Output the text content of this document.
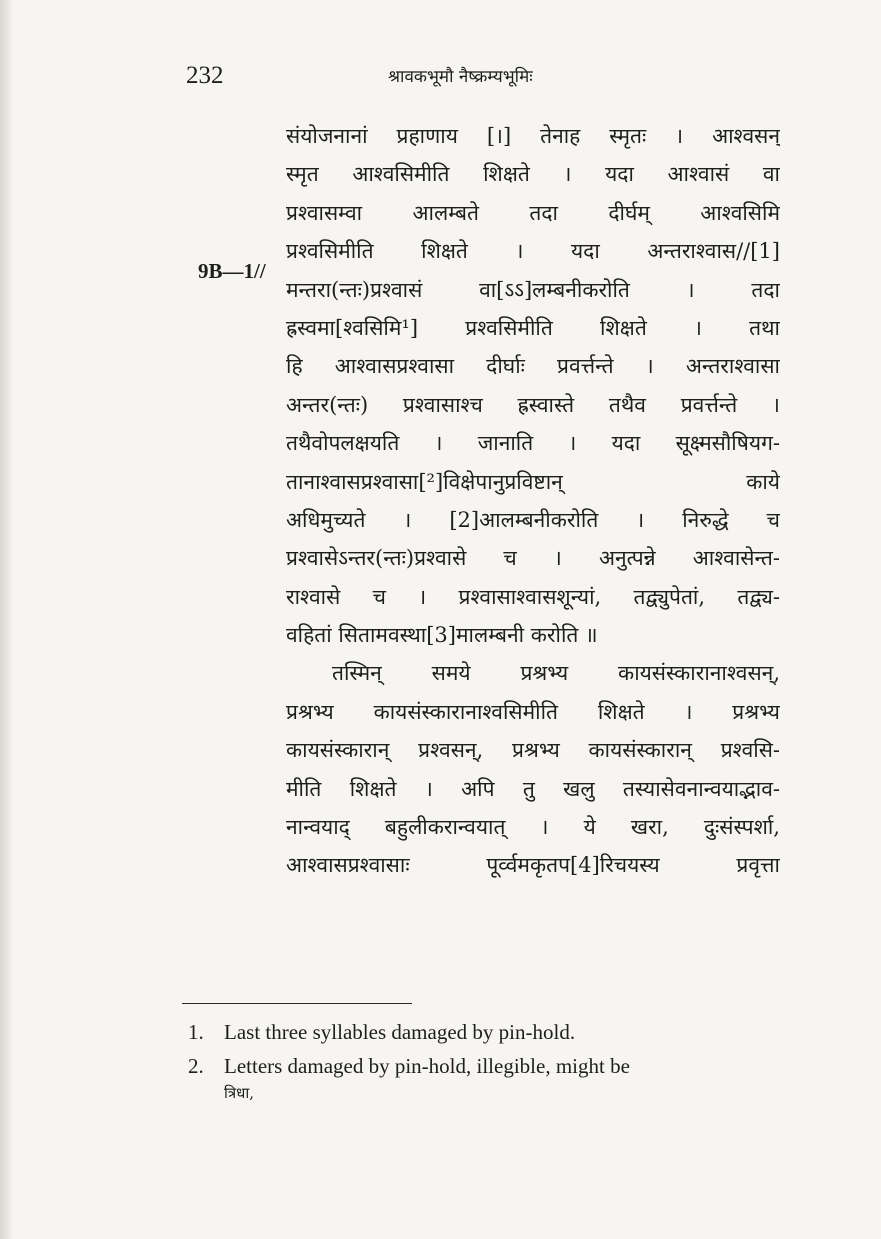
232	श्रावकभूमौ नैष्क्रम्यभूमिः
9B—1//
संयोजनानां प्रहाणाय [।] तेनाह स्मृतः । आश्वसन्
स्मृत आश्वसिमीति शिक्षते । यदा आश्वासं वा
प्रश्वासम्वा आलम्बते तदा दीर्घम् आश्वसिमि
प्रश्वसिमीति शिक्षते । यदा अन्तराश्वास//[1]
मन्तरा(न्तः)प्रश्वासं वा[ऽऽ]लम्बनीकरोति । तदा
ह्रस्वमा[श्वसिमि¹] प्रश्वसिमीति शिक्षते । तथा
हि आश्वासप्रश्वासा दीर्घाः प्रवर्त्तन्ते । अन्तराश्वासा
अन्तर(न्तः) प्रश्वासाश्च ह्रस्वास्ते तथैव प्रवर्त्तन्ते ।
तथैवोपलक्षयति । जानाति । यदा सूक्ष्मसौषियग-
तानाश्वासप्रश्वासा[²]विक्षेपानुप्रविष्टान् काये
अधिमुच्यते । [2]आलम्बनीकरोति । निरुद्धे च
प्रश्वासेऽन्तर(न्तः)प्रश्वासे च । अनुत्पन्ने आश्वासेन्त-
राश्वासे च । प्रश्वासाश्वासशून्यां, तद्व्युपेतां, तद्व्य-
वहितां सितामवस्था[3]मालम्बनी करोति ॥
तस्मिन् समये प्रश्रभ्य कायसंस्कारानाश्वसन्,
प्रश्रभ्य कायसंस्कारानाश्वसिमीति शिक्षते । प्रश्रभ्य
कायसंस्कारान् प्रश्वसन्, प्रश्रभ्य कायसंस्कारान् प्रश्वसि-
मीति शिक्षते । अपि तु खलु तस्यासेवनान्वयाद्भाव-
नान्वयाद् बहुलीकरान्वयात् । ये खरा, दुःसंस्पर्शा,
आश्वासप्रश्वासाः पूर्व्वमकृतप[4]रिचयस्य प्रवृत्ता
1. Last three syllables damaged by pin-hold.
2. Letters damaged by pin-hold, illegible, might be
त्रिधा,
